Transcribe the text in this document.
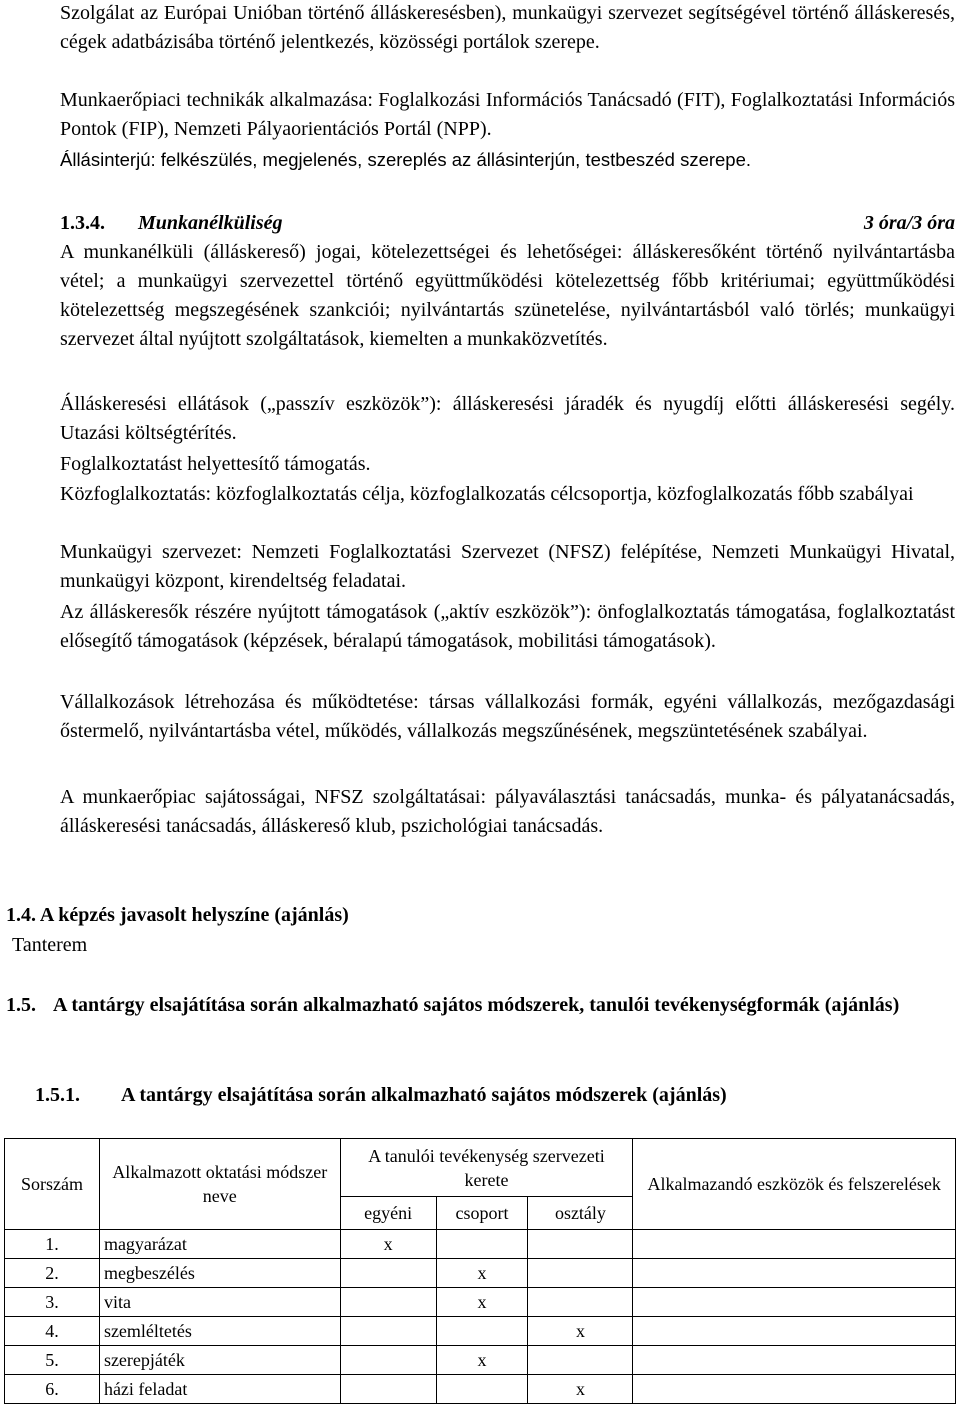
Szolgálat az Európai Unióban történő álláskeresésben), munkaügyi szervezet segítségével történő álláskeresés, cégek adatbázisába történő jelentkezés, közösségi portálok szerepe.

Munkaerőpiaci technikák alkalmazása: Foglalkozási Információs Tanácsadó (FIT), Foglalkoztatási Információs Pontok (FIP), Nemzeti Pályaorientációs Portál (NPP).

Állásinterjú: felkészülés, megjelenés, szereplés az állásinterjún, testbeszéd szerepe.

1.3.4. Munkanélküliség	3 óra/3 óra

A munkanélküli (álláskereső) jogai, kötelezettségei és lehetőségei: álláskeresőként történő nyilvántartásba vétel; a munkaügyi szervezettel történő együttműködési kötelezettség főbb kritériumai; együttműködési kötelezettség megszegésének szankciói; nyilvántartás szünetelése, nyilvántartásból való törlés; munkaügyi szervezet által nyújtott szolgáltatások, kiemelten a munkaközvetítés.

Álláskeresési ellátások („passzív eszközök”): álláskeresési járadék és nyugdíj előtti álláskeresési segély. Utazási költségtérítés.

Foglalkoztatást helyettesítő támogatás.

Közfoglalkoztatás: közfoglalkoztatás célja, közfoglalkozatás célcsoportja, közfoglalkozatás főbb szabályai

Munkaügyi szervezet: Nemzeti Foglalkoztatási Szervezet (NFSZ) felépítése, Nemzeti Munkaügyi Hivatal, munkaügyi központ, kirendeltség feladatai.

Az álláskeresők részére nyújtott támogatások („aktív eszközök”): önfoglalkoztatás támogatása, foglalkoztatást elősegítő támogatások (képzések, béralapú támogatások, mobilitási támogatások).

Vállalkozások létrehozása és működtetése: társas vállalkozási formák, egyéni vállalkozás, mezőgazdasági őstermelő, nyilvántartásba vétel, működés, vállalkozás megszűnésének, megszüntetésének szabályai.

A munkaerőpiac sajátosságai, NFSZ szolgáltatásai: pályaválasztási tanácsadás, munka- és pályatanácsadás, álláskeresési tanácsadás, álláskereső klub, pszichológiai tanácsadás.

1.4. A képzés javasolt helyszíne (ajánlás)
Tanterem
1.5. A tantárgy elsajátítása során alkalmazható sajátos módszerek, tanulói tevékenységformák (ajánlás)
1.5.1. A tantárgy elsajátítása során alkalmazható sajátos módszerek (ajánlás)
Sorszám	Alkalmazott oktatási módszer neve	A tanulói tevékenység szervezeti kerete			Alkalmazandó eszközök és felszerelések
		egyéni	csoport	osztály	
1.	magyarázat	x			
2.	megbeszélés		x		
3.	vita		x		
4.	szemléltetés			x	
5.	szerepjáték		x		
6.	házi feladat			x	
